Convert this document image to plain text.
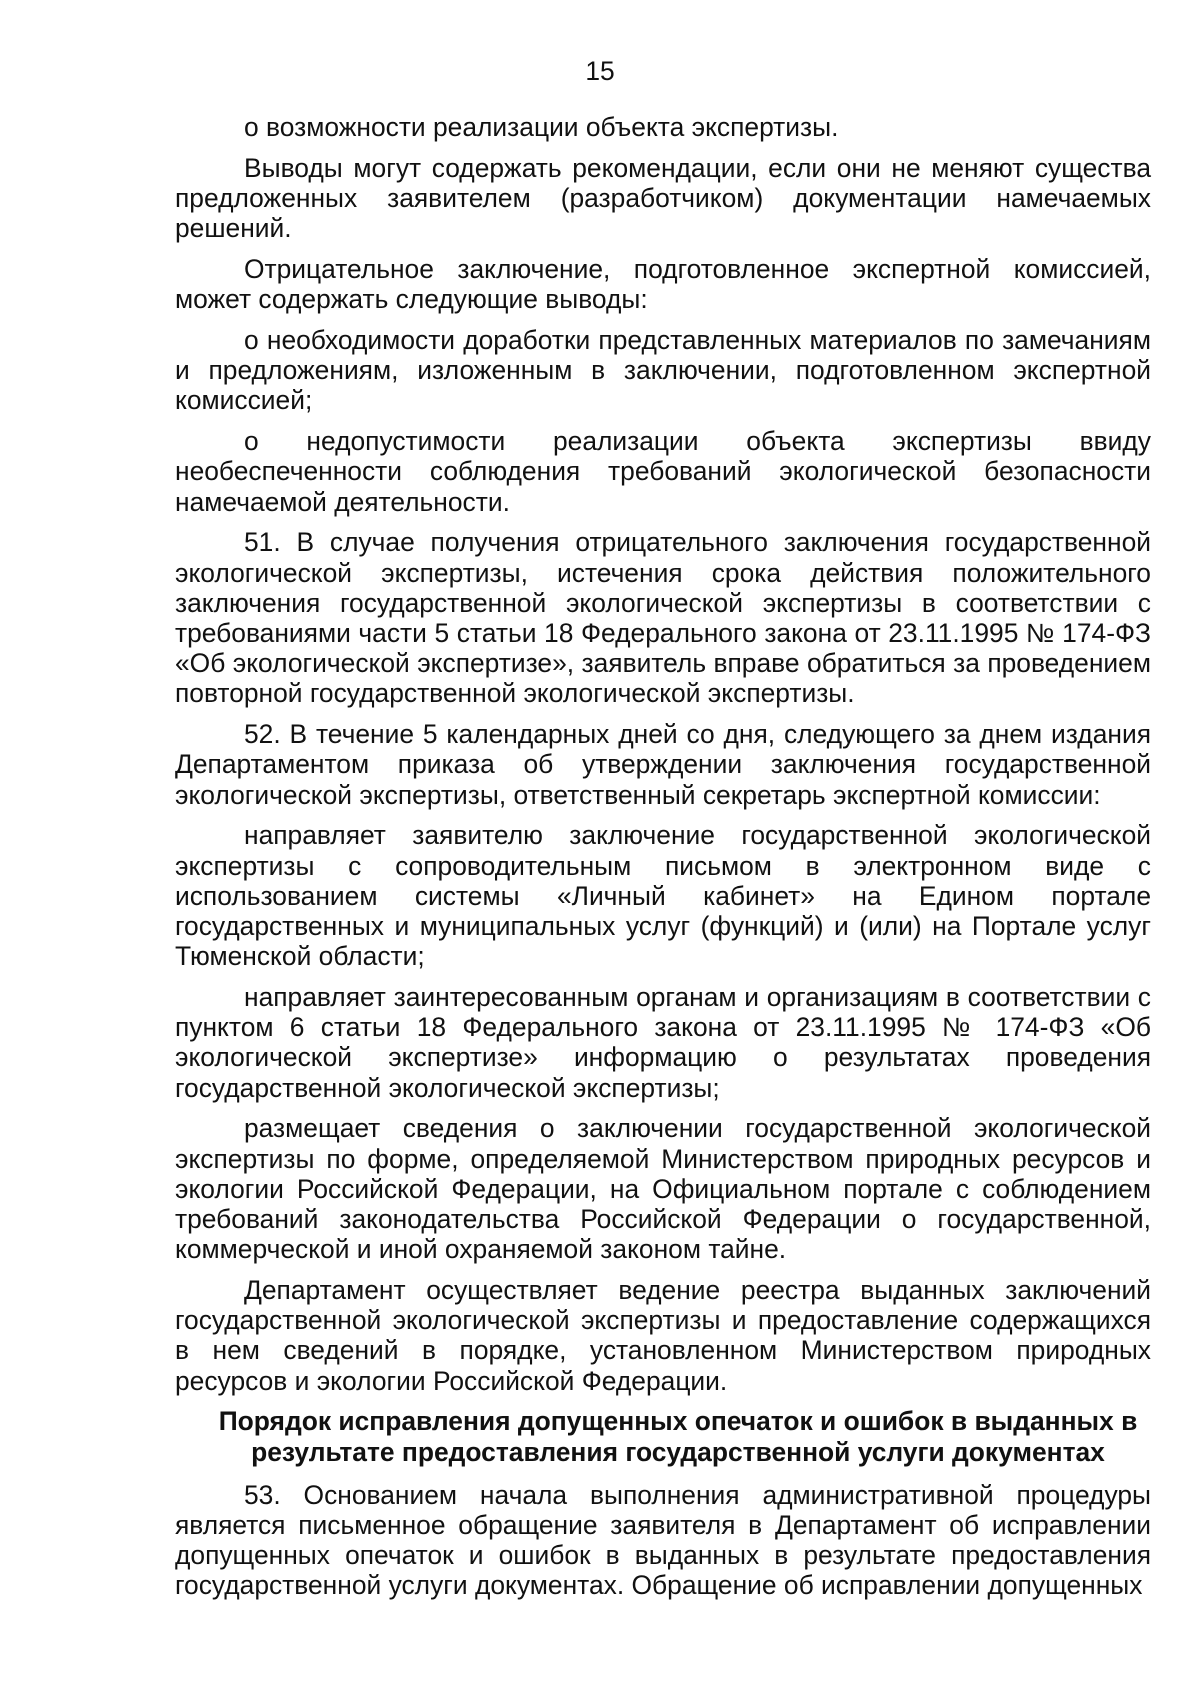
15

о возможности реализации объекта экспертизы.

Выводы могут содержать рекомендации, если они не меняют существа предложенных заявителем (разработчиком) документации намечаемых решений.

Отрицательное заключение, подготовленное экспертной комиссией, может содержать следующие выводы:

о необходимости доработки представленных материалов по замечаниям и предложениям, изложенным в заключении, подготовленном экспертной комиссией;

о недопустимости реализации объекта экспертизы ввиду необеспеченности соблюдения требований экологической безопасности намечаемой деятельности.

51. В случае получения отрицательного заключения государственной экологической экспертизы, истечения срока действия положительного заключения государственной экологической экспертизы в соответствии с требованиями части 5 статьи 18 Федерального закона от 23.11.1995 № 174-ФЗ «Об экологической экспертизе», заявитель вправе обратиться за проведением повторной государственной экологической экспертизы.

52. В течение 5 календарных дней со дня, следующего за днем издания Департаментом приказа об утверждении заключения государственной экологической экспертизы, ответственный секретарь экспертной комиссии:

направляет заявителю заключение государственной экологической экспертизы с сопроводительным письмом в электронном виде с использованием системы «Личный кабинет» на Едином портале государственных и муниципальных услуг (функций) и (или) на Портале услуг Тюменской области;

направляет заинтересованным органам и организациям в соответствии с пунктом 6 статьи 18 Федерального закона от 23.11.1995 № 174-ФЗ «Об экологической экспертизе» информацию о результатах проведения государственной экологической экспертизы;

размещает сведения о заключении государственной экологической экспертизы по форме, определяемой Министерством природных ресурсов и экологии Российской Федерации, на Официальном портале с соблюдением требований законодательства Российской Федерации о государственной, коммерческой и иной охраняемой законом тайне.

Департамент осуществляет ведение реестра выданных заключений государственной экологической экспертизы и предоставление содержащихся в нем сведений в порядке, установленном Министерством природных ресурсов и экологии Российской Федерации.

Порядок исправления допущенных опечаток и ошибок в выданных в результате предоставления государственной услуги документах

53. Основанием начала выполнения административной процедуры является письменное обращение заявителя в Департамент об исправлении допущенных опечаток и ошибок в выданных в результате предоставления государственной услуги документах. Обращение об исправлении допущенных
